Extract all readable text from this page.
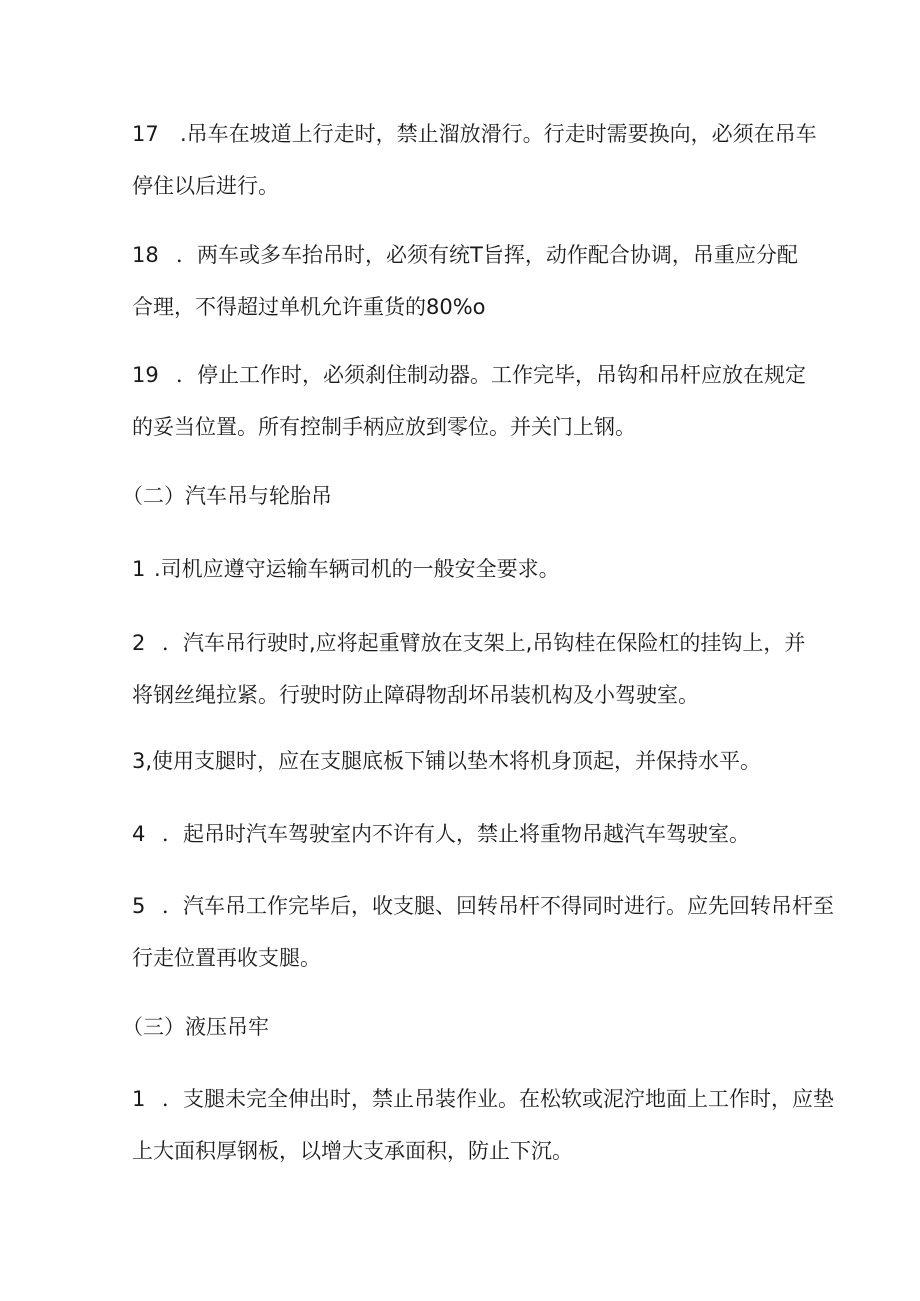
17 .吊车在坡道上行走时，禁止溜放滑行。行走时需要换向，必须在吊车
停住以后进行。
18 ．两车或多车抬吊时，必须有统T旨挥，动作配合协调，吊重应分配
合理，不得超过单机允许重货的80%o
19 ．停止工作时，必须刹住制动器。工作完毕，吊钩和吊杆应放在规定
的妥当位置。所有控制手柄应放到零位。并关门上钢。
（二）汽车吊与轮胎吊
1 .司机应遵守运输车辆司机的一般安全要求。
2 ．汽车吊行驶时,应将起重臂放在支架上,吊钩桂在保险杠的挂钩上，并
将钢丝绳拉紧。行驶时防止障碍物刮坏吊装机构及小驾驶室。
3,使用支腿时，应在支腿底板下铺以垫木将机身顶起，并保持水平。
4 ．起吊时汽车驾驶室内不许有人，禁止将重物吊越汽车驾驶室。
5 ．汽车吊工作完毕后，收支腿、回转吊杆不得同时进行。应先回转吊杆至
行走位置再收支腿。
（三）液压吊牢
1 ．支腿未完全伸出时，禁止吊装作业。在松软或泥泞地面上工作时，应垫
上大面积厚钢板，以增大支承面积，防止下沉。
